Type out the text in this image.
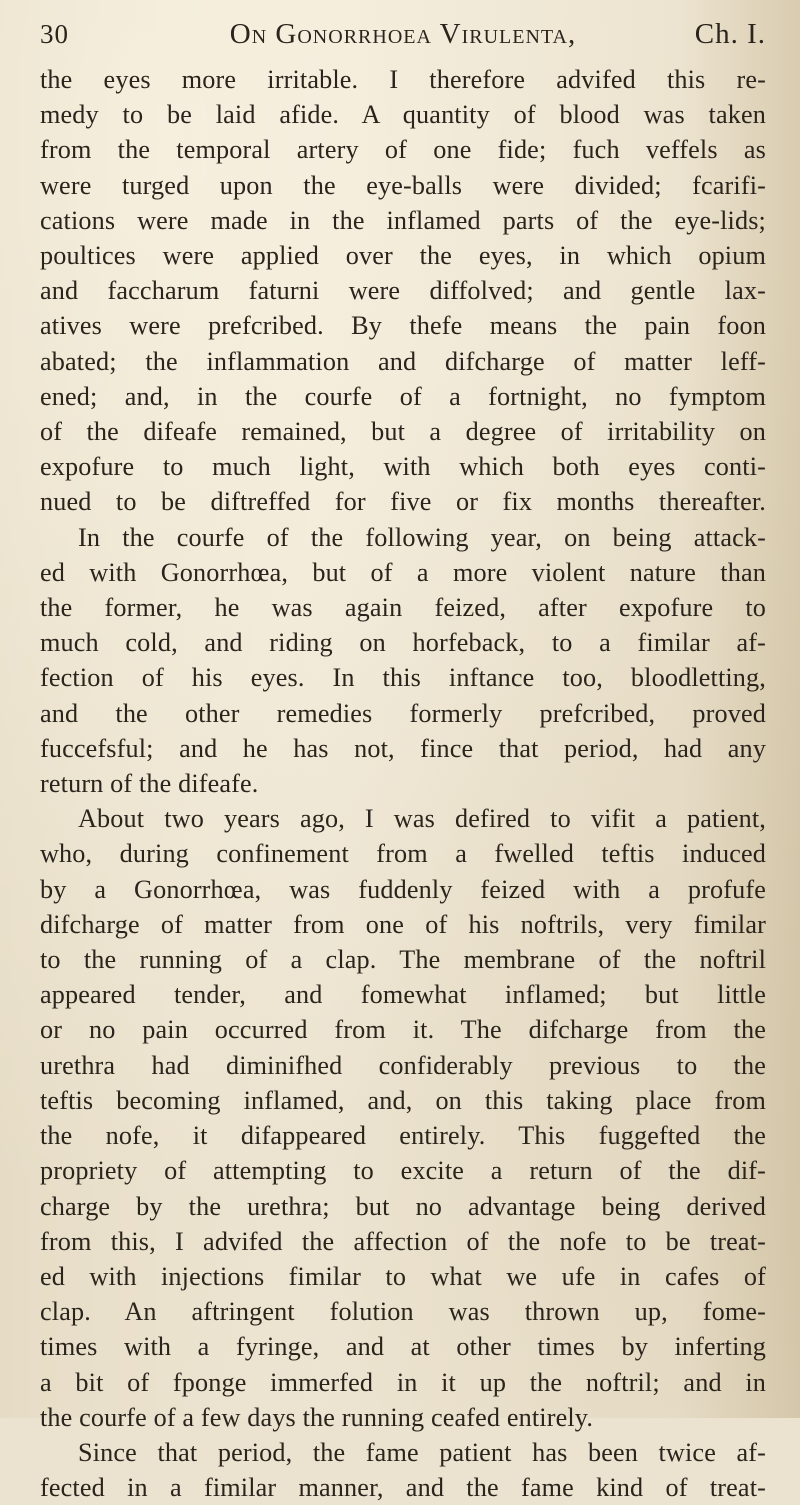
30	On Gonorrhoea Virulenta,	Ch. I.
the eyes more irritable. I therefore advifed this re-
medy to be laid afide. A quantity of blood was taken
from the temporal artery of one fide; fuch veffels as
were turged upon the eye-balls were divided; fcarifi-
cations were made in the inflamed parts of the eye-lids;
poultices were applied over the eyes, in which opium
and faccharum faturni were diffolved; and gentle lax-
atives were prefcribed. By thefe means the pain foon
abated; the inflammation and difcharge of matter leff-
ened; and, in the courfe of a fortnight, no fymptom
of the difeafe remained, but a degree of irritability on
expofure to much light, with which both eyes conti-
nued to be diftreffed for five or fix months thereafter.
In the courfe of the following year, on being attack-
ed with Gonorrhœa, but of a more violent nature than
the former, he was again feized, after expofure to
much cold, and riding on horfeback, to a fimilar af-
fection of his eyes. In this inftance too, bloodletting,
and the other remedies formerly prefcribed, proved
fuccefsful; and he has not, fince that period, had any
return of the difeafe.
About two years ago, I was defired to vifit a patient,
who, during confinement from a fwelled teftis induced
by a Gonorrhœa, was fuddenly feized with a profufe
difcharge of matter from one of his noftrils, very fimilar
to the running of a clap. The membrane of the noftril
appeared tender, and fomewhat inflamed; but little
or no pain occurred from it. The difcharge from the
urethra had diminifhed confiderably previous to the
teftis becoming inflamed, and, on this taking place from
the nofe, it difappeared entirely. This fuggefted the
propriety of attempting to excite a return of the dif-
charge by the urethra; but no advantage being derived
from this, I advifed the affection of the nofe to be treat-
ed with injections fimilar to what we ufe in cafes of
clap. An aftringent folution was thrown up, fome-
times with a fyringe, and at other times by inferting
a bit of fponge immerfed in it up the noftril; and in
the courfe of a few days the running ceafed entirely.
Since that period, the fame patient has been twice af-
fected in a fimilar manner, and the fame kind of treat-
